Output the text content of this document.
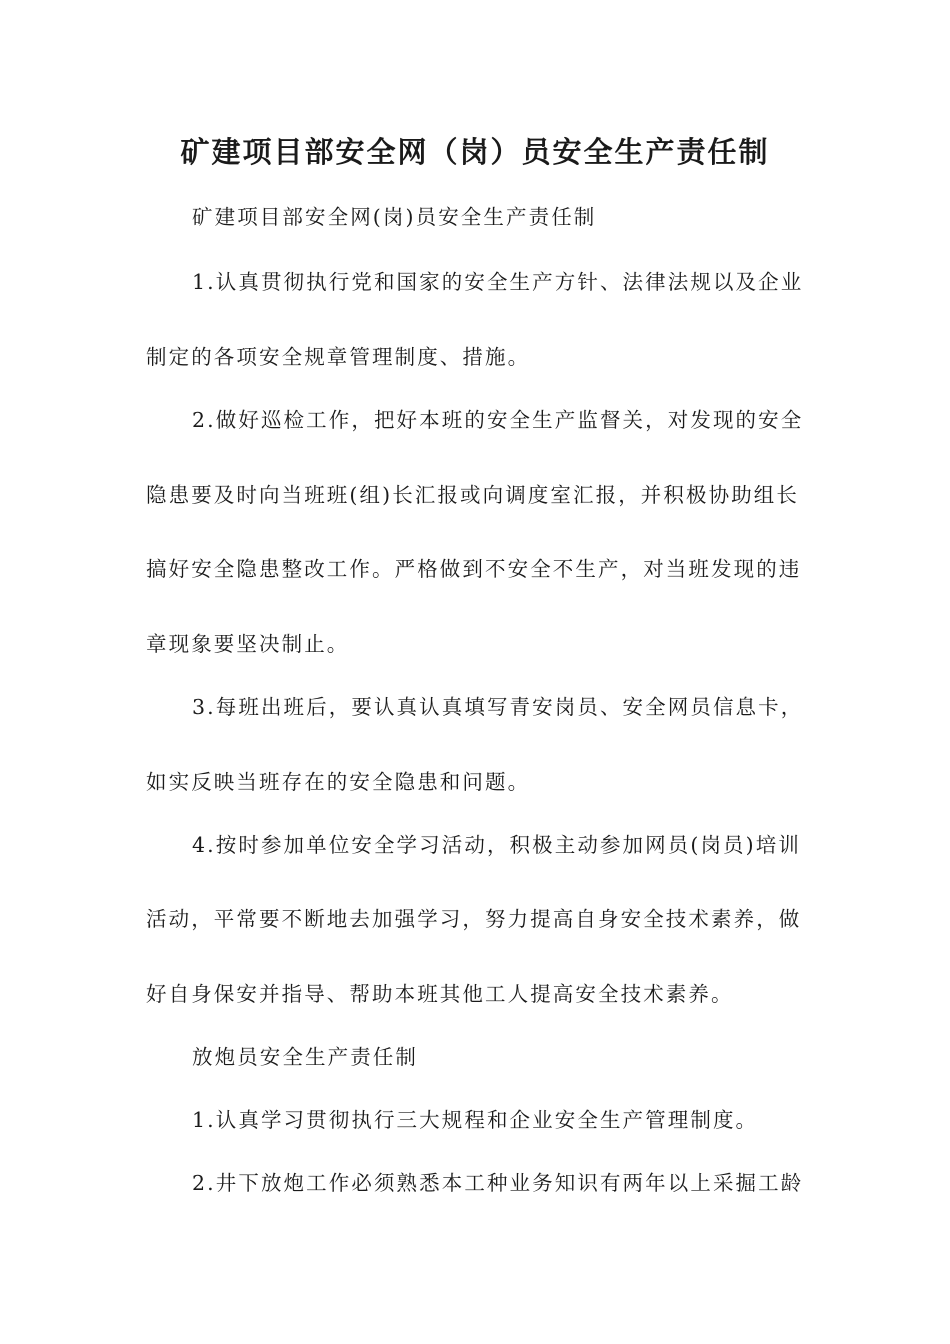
矿建项目部安全网（岗）员安全生产责任制

矿建项目部安全网(岗)员安全生产责任制

1.认真贯彻执行党和国家的安全生产方针、法律法规以及企业

制定的各项安全规章管理制度、措施。

2.做好巡检工作，把好本班的安全生产监督关，对发现的安全

隐患要及时向当班班(组)长汇报或向调度室汇报，并积极协助组长

搞好安全隐患整改工作。严格做到不安全不生产，对当班发现的违

章现象要坚决制止。

3.每班出班后，要认真认真填写青安岗员、安全网员信息卡，

如实反映当班存在的安全隐患和问题。

4.按时参加单位安全学习活动，积极主动参加网员(岗员)培训

活动，平常要不断地去加强学习，努力提高自身安全技术素养，做

好自身保安并指导、帮助本班其他工人提高安全技术素养。

放炮员安全生产责任制

1.认真学习贯彻执行三大规程和企业安全生产管理制度。

2.井下放炮工作必须熟悉本工种业务知识有两年以上采掘工龄
